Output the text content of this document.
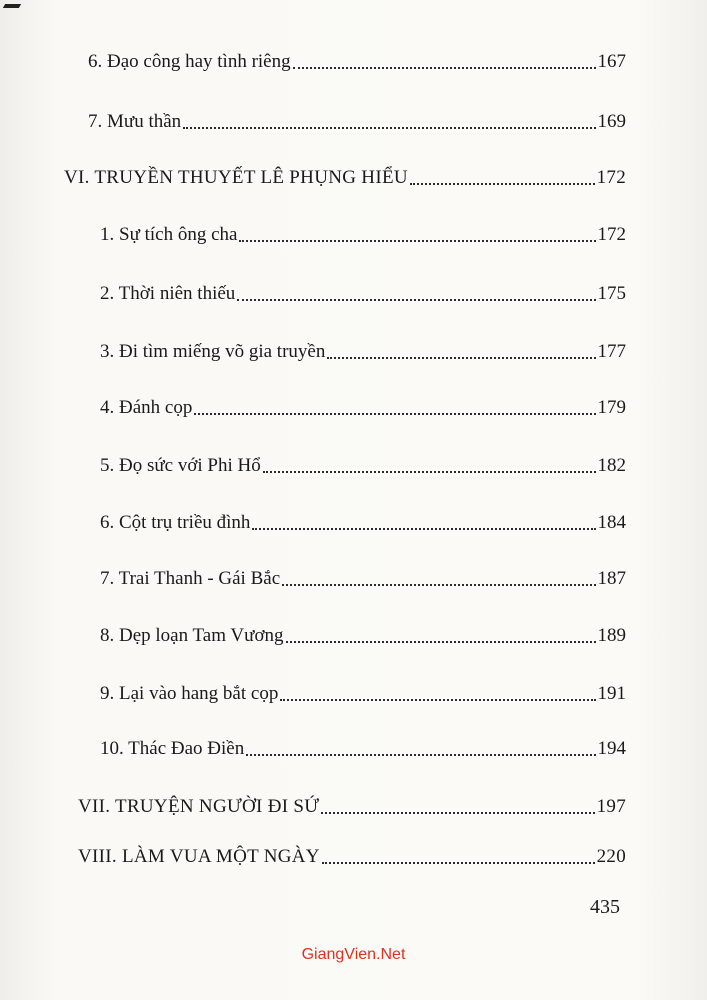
6. Đạo công hay tình riêng	167
7. Mưu thần	169
VI. TRUYỀN THUYẾT LÊ PHỤNG HIỂU	172
1. Sự tích ông cha	172
2. Thời niên thiếu	175
3. Đi tìm miếng võ gia truyền	177
4. Đánh cọp	179
5. Đọ sức với Phi Hổ	182
6. Cột trụ triều đình	184
7. Trai Thanh - Gái Bắc	187
8. Dẹp loạn Tam Vương	189
9. Lại vào hang bắt cọp	191
10. Thác Đao Điền	194
VII. TRUYỆN NGƯỜI ĐI SỨ	197
VIII. LÀM VUA MỘT NGÀY	220
435
GiangVien.Net
